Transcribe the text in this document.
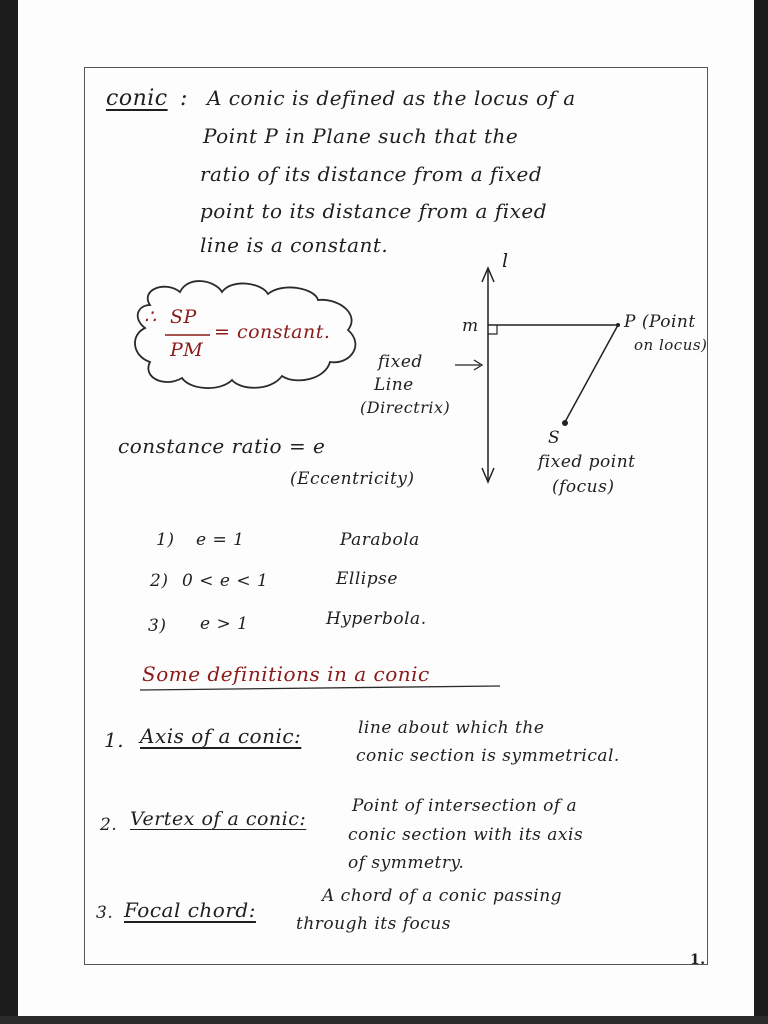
conic : A conic is defined as the locus of a
Point P in Plane such that the
ratio of its distance from a fixed
point to its distance from a fixed
line is a constant.
∴ SP
PM
= constant.
l
m	P (Point
on locus)
fixed
Line
(Directrix)
S
fixed point
(focus)
constance ratio = e
(Eccentricity)
1) e = 1	Parabola
2) 0 < e < 1	Ellipse
3) e > 1	Hyperbola.
Some definitions in a conic
1. Axis of a conic:	line about which the
conic section is symmetrical.
2. Vertex of a conic:
Point of intersection of a
conic section with its axis
of symmetry.
3. Focal chord:
A chord of a conic passing
through its focus
1.
